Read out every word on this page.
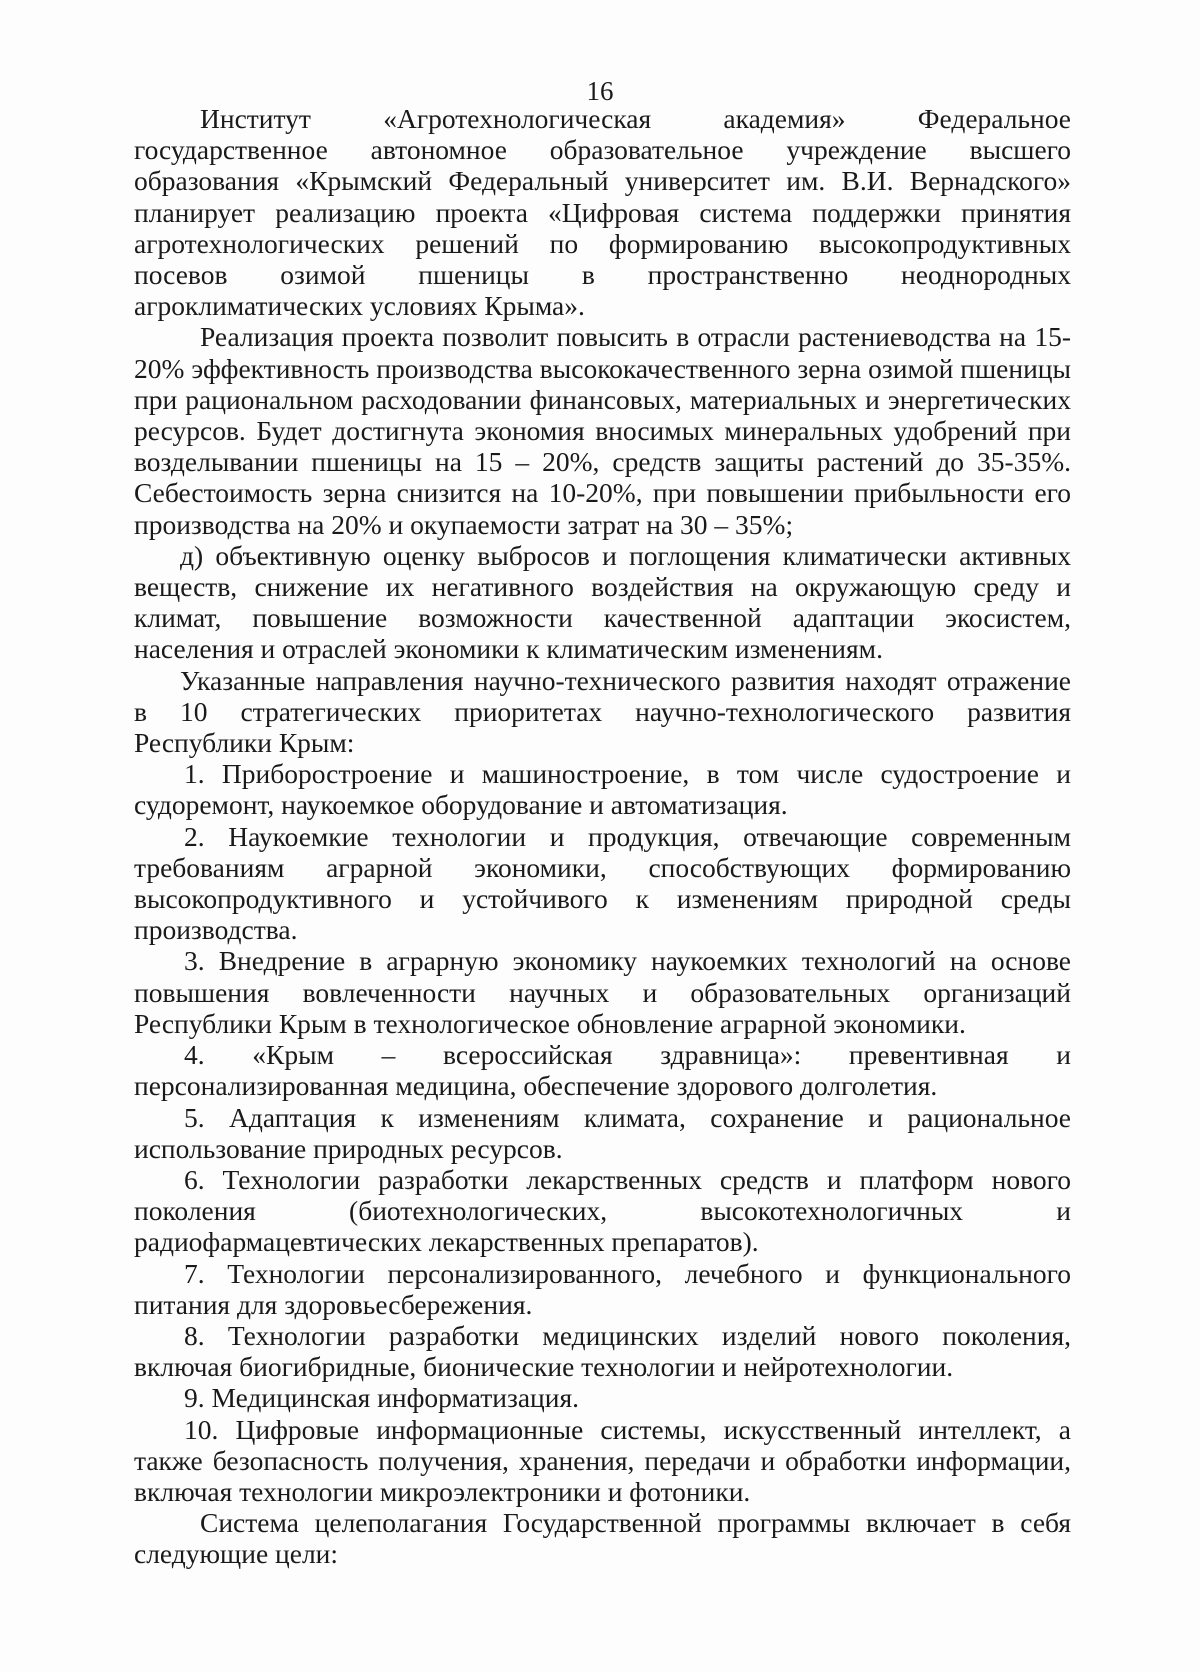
16

Институт «Агротехнологическая академия» Федеральное государственное автономное образовательное учреждение высшего образования «Крымский Федеральный университет им. В.И. Вернадского» планирует реализацию проекта «Цифровая система поддержки принятия агротехнологических решений по формированию высокопродуктивных посевов озимой пшеницы в пространственно неоднородных агроклиматических условиях Крыма».

Реализация проекта позволит повысить в отрасли растениеводства на 15-20% эффективность производства высококачественного зерна озимой пшеницы при рациональном расходовании финансовых, материальных и энергетических ресурсов. Будет достигнута экономия вносимых минеральных удобрений при возделывании пшеницы на 15 – 20%, средств защиты растений до 35-35%. Себестоимость зерна снизится на 10-20%, при повышении прибыльности его производства на 20% и окупаемости затрат на 30 – 35%;

д) объективную оценку выбросов и поглощения климатически активных веществ, снижение их негативного воздействия на окружающую среду и климат, повышение возможности качественной адаптации экосистем, населения и отраслей экономики к климатическим изменениям.

Указанные направления научно-технического развития находят отражение в 10 стратегических приоритетах научно-технологического развития Республики Крым:

1. Приборостроение и машиностроение, в том числе судостроение и судоремонт, наукоемкое оборудование и автоматизация.

2. Наукоемкие технологии и продукция, отвечающие современным требованиям аграрной экономики, способствующих формированию высокопродуктивного и устойчивого к изменениям природной среды производства.

3. Внедрение в аграрную экономику наукоемких технологий на основе повышения вовлеченности научных и образовательных организаций Республики Крым в технологическое обновление аграрной экономики.

4. «Крым – всероссийская здравница»: превентивная и персонализированная медицина, обеспечение здорового долголетия.

5. Адаптация к изменениям климата, сохранение и рациональное использование природных ресурсов.

6. Технологии разработки лекарственных средств и платформ нового поколения (биотехнологических, высокотехнологичных и радиофармацевтических лекарственных препаратов).

7. Технологии персонализированного, лечебного и функционального питания для здоровьесбережения.

8. Технологии разработки медицинских изделий нового поколения, включая биогибридные, бионические технологии и нейротехнологии.

9. Медицинская информатизация.

10. Цифровые информационные системы, искусственный интеллект, а также безопасность получения, хранения, передачи и обработки информации, включая технологии микроэлектроники и фотоники.

Система целеполагания Государственной программы включает в себя следующие цели:
